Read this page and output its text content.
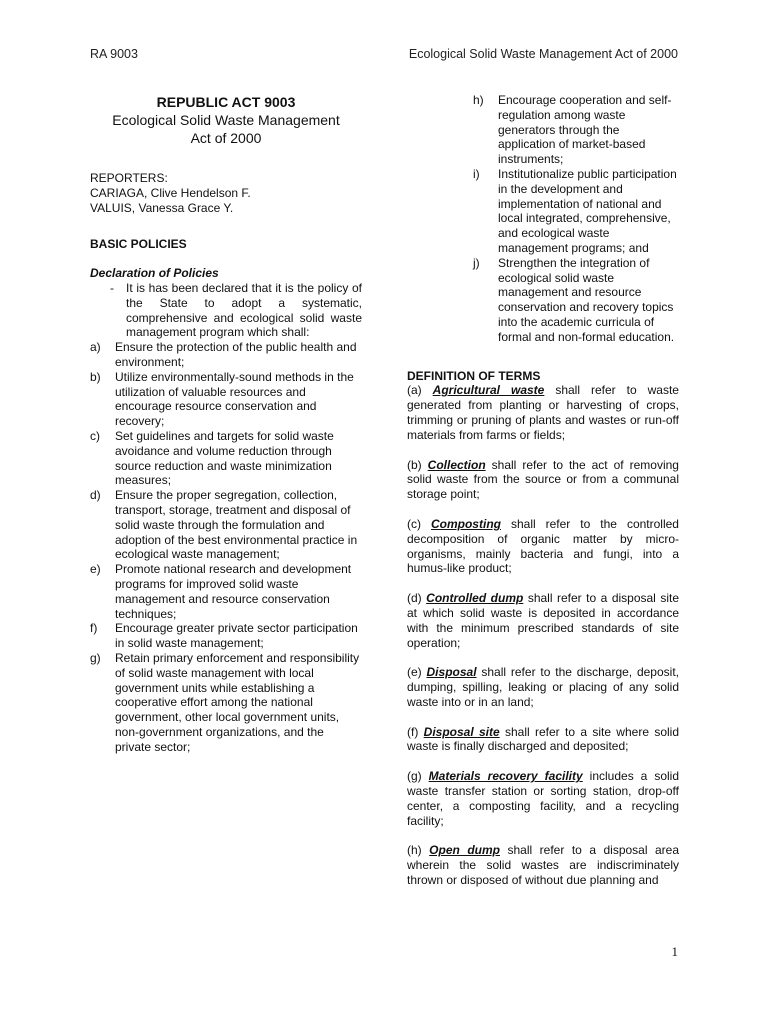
RA 9003	Ecological Solid Waste Management Act of 2000
REPUBLIC ACT 9003
Ecological Solid Waste Management
Act of 2000
REPORTERS:
CARIAGA, Clive Hendelson F.
VALUIS, Vanessa Grace Y.
BASIC POLICIES
Declaration of Policies
-	It is has been declared that it is the policy of the State to adopt a systematic, comprehensive and ecological solid waste management program which shall:
a)	Ensure the protection of the public health and environment;
b)	Utilize environmentally-sound methods in the utilization of valuable resources and encourage resource conservation and recovery;
c)	Set guidelines and targets for solid waste avoidance and volume reduction through source reduction and waste minimization measures;
d)	Ensure the proper segregation, collection, transport, storage, treatment and disposal of solid waste through the formulation and adoption of the best environmental practice in ecological waste management;
e)	Promote national research and development programs for improved solid waste management and resource conservation techniques;
f)	Encourage greater private sector participation in solid waste management;
g)	Retain primary enforcement and responsibility of solid waste management with local government units while establishing a cooperative effort among the national government, other local government units, non-government organizations, and the private sector;
h)	Encourage cooperation and self-regulation among waste generators through the application of market-based instruments;
i)	Institutionalize public participation in the development and implementation of national and local integrated, comprehensive, and ecological waste management programs; and
j)	Strengthen the integration of ecological solid waste management and resource conservation and recovery topics into the academic curricula of formal and non-formal education.
DEFINITION OF TERMS

(a) Agricultural waste shall refer to waste generated from planting or harvesting of crops, trimming or pruning of plants and wastes or run-off materials from farms or fields;

(b) Collection shall refer to the act of removing solid waste from the source or from a communal storage point;

(c) Composting shall refer to the controlled decomposition of organic matter by micro-organisms, mainly bacteria and fungi, into a humus-like product;

(d) Controlled dump shall refer to a disposal site at which solid waste is deposited in accordance with the minimum prescribed standards of site operation;

(e) Disposal shall refer to the discharge, deposit, dumping, spilling, leaking or placing of any solid waste into or in an land;

(f) Disposal site shall refer to a site where solid waste is finally discharged and deposited;

(g) Materials recovery facility includes a solid waste transfer station or sorting station, drop-off center, a composting facility, and a recycling facility;

(h) Open dump shall refer to a disposal area wherein the solid wastes are indiscriminately thrown or disposed of without due planning and

1
